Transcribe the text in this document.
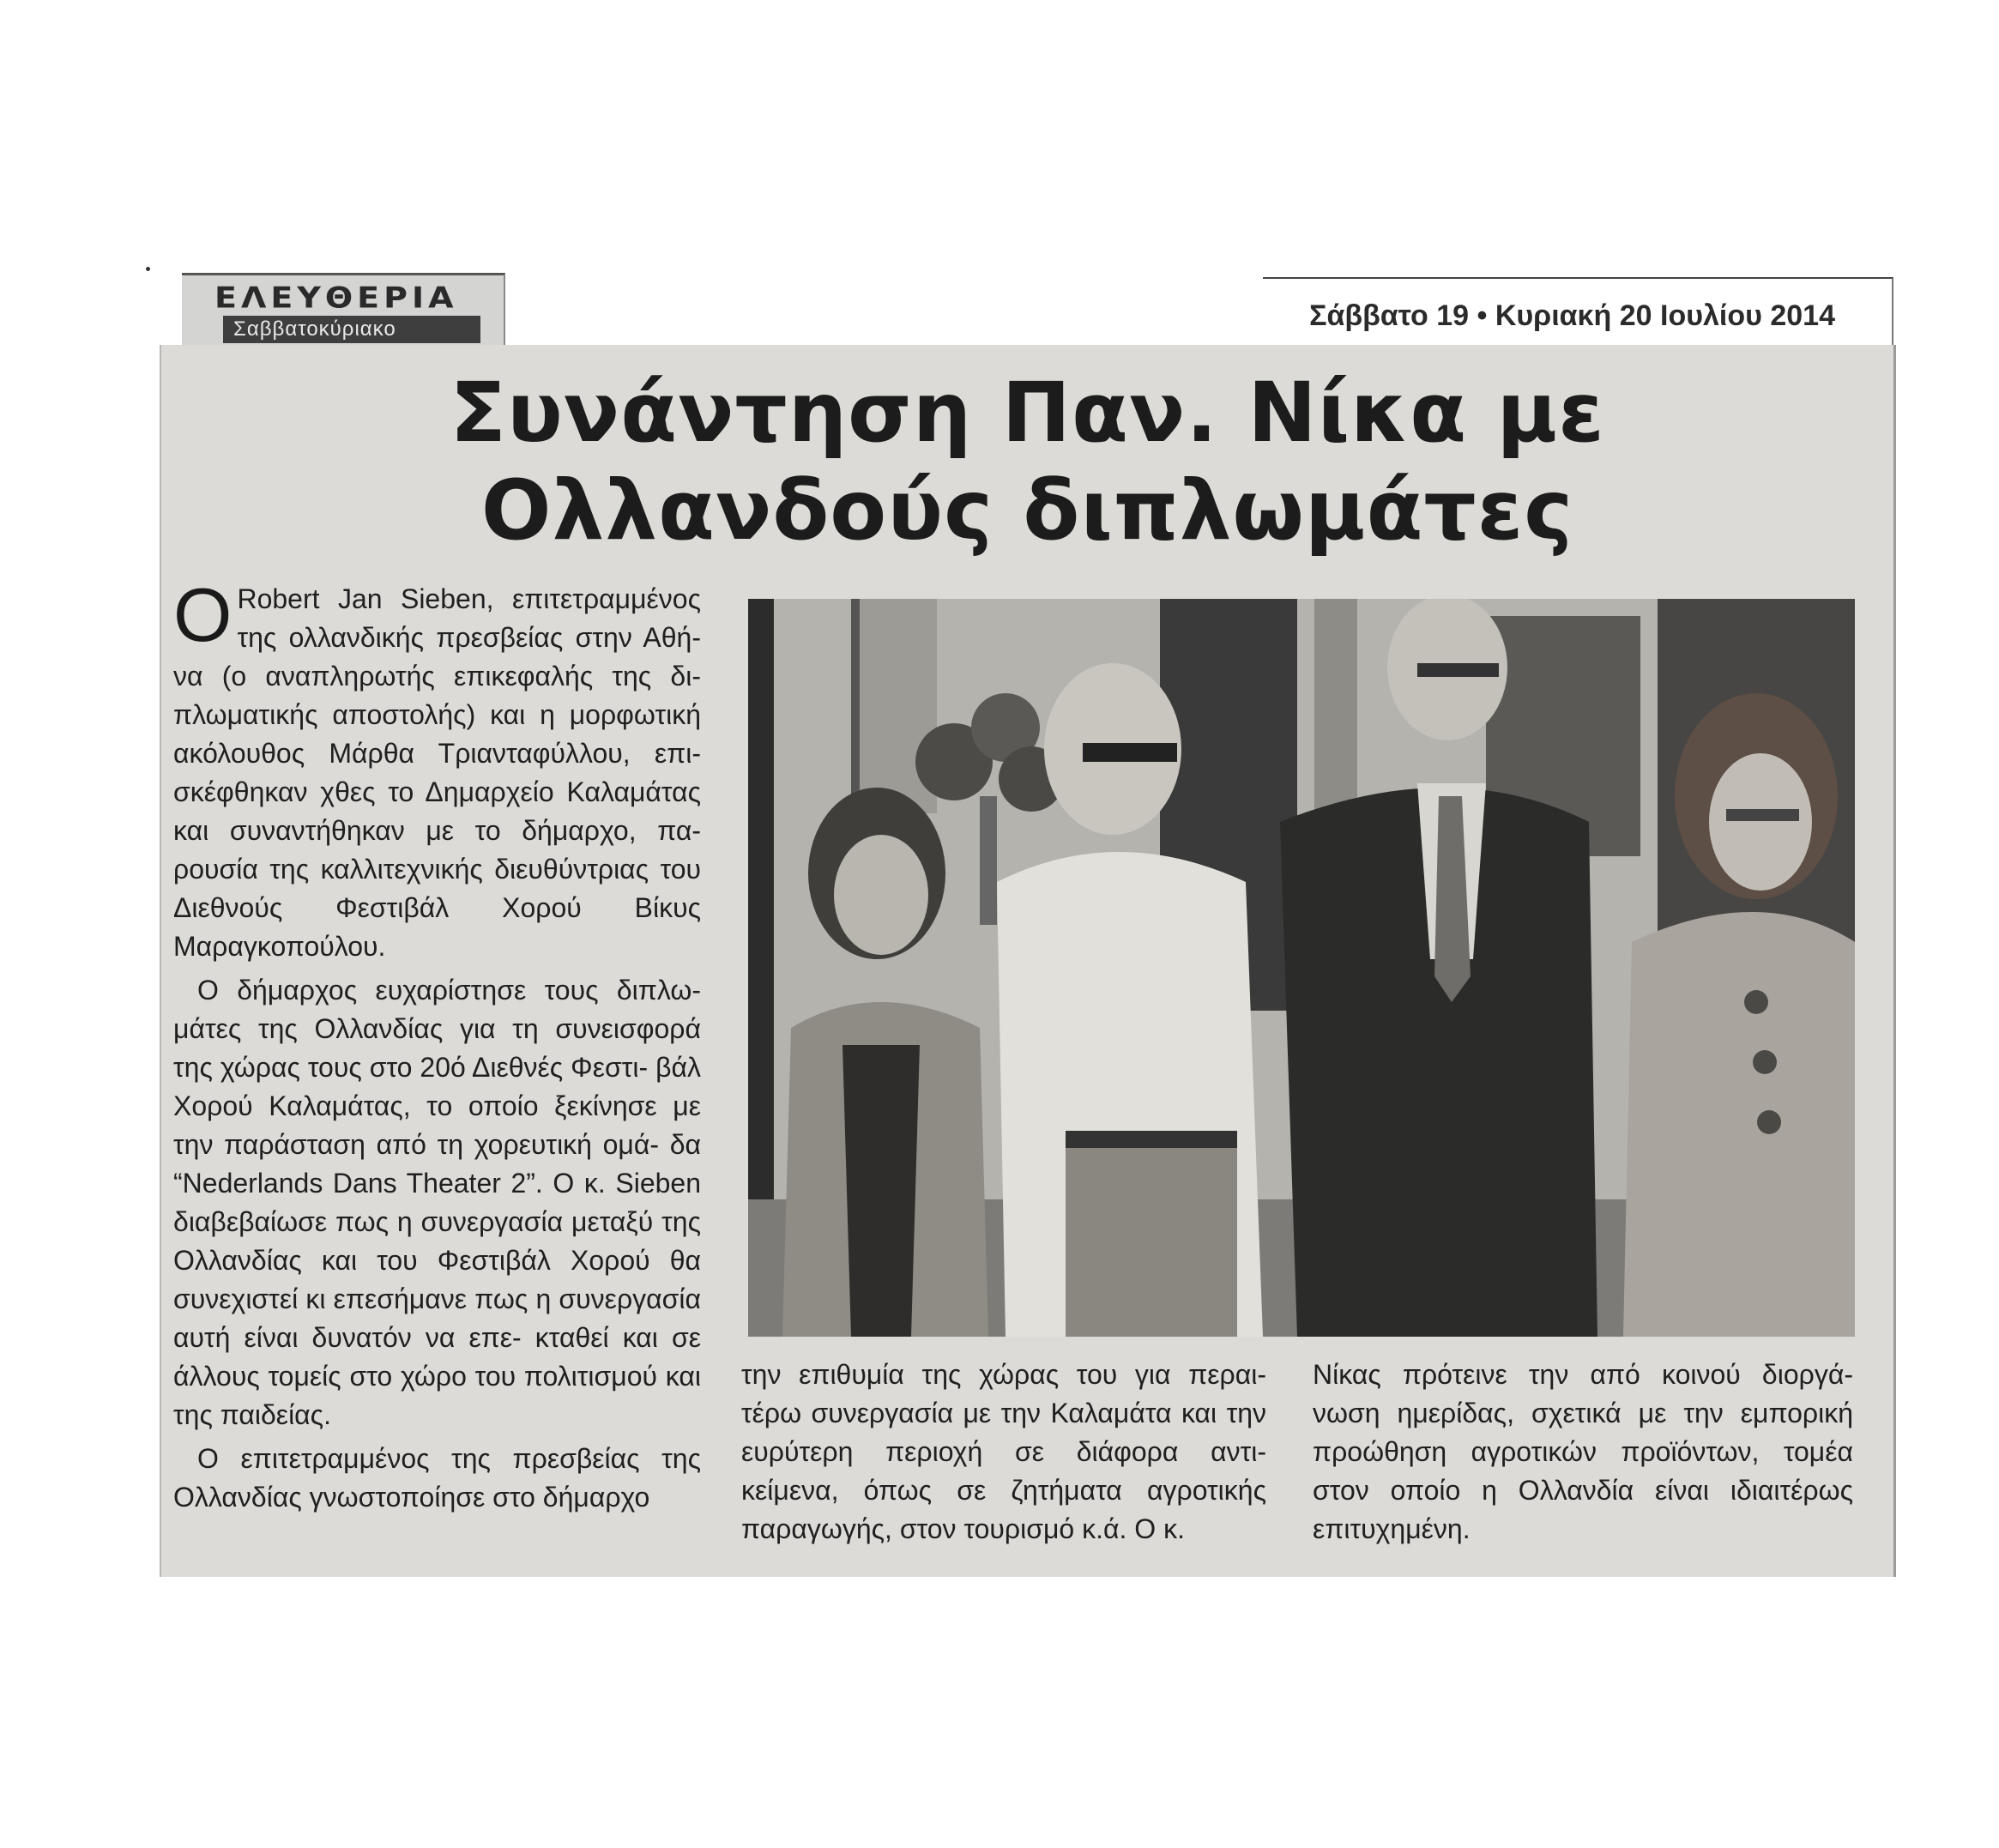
ΕΛΕΥΘΕΡΙΑ
Σαββατοκύριακο	Σάββατο 19 • Κυριακή 20 Ιουλίου 2014
Συνάντηση Παν. Νίκα με
Ολλανδούς διπλωμάτες

Ο Robert Jan Sieben, επιτετραμμένος της ολλανδικής πρεσβείας στην Αθή- να (ο αναπληρωτής επικεφαλής της δι- πλωματικής αποστολής) και η μορφωτική ακόλουθος Μάρθα Τριανταφύλλου, επι- σκέφθηκαν χθες το Δημαρχείο Καλαμάτας και συναντήθηκαν με το δήμαρχο, πα- ρουσία της καλλιτεχνικής διευθύντριας του Διεθνούς Φεστιβάλ Χορού Βίκυς Μαραγκοπούλου.

Ο δήμαρχος ευχαρίστησε τους διπλω- μάτες της Ολλανδίας για τη συνεισφορά της χώρας τους στο 20ό Διεθνές Φεστι- βάλ Χορού Καλαμάτας, το οποίο ξεκίνησε με την παράσταση από τη χορευτική ομά- δα “Nederlands Dans Theater 2”. Ο κ. Sieben διαβεβαίωσε πως η συνεργασία μεταξύ της Ολλανδίας και του Φεστιβάλ Χορού θα συνεχιστεί κι επεσήμανε πως η συνεργασία αυτή είναι δυνατόν να επε- κταθεί και σε άλλους τομείς στο χώρο του πολιτισμού και της παιδείας.

Ο επιτετραμμένος της πρεσβείας της Ολλανδίας γνωστοποίησε στο δήμαρχο

την επιθυμία της χώρας του για περαι- τέρω συνεργασία με την Καλαμάτα και την ευρύτερη περιοχή σε διάφορα αντι- κείμενα, όπως σε ζητήματα αγροτικής παραγωγής, στον τουρισμό κ.ά. Ο κ.

Νίκας πρότεινε την από κοινού διοργά- νωση ημερίδας, σχετικά με την εμπορική προώθηση αγροτικών προϊόντων, τομέα στον οποίο η Ολλανδία είναι ιδιαιτέρως επιτυχημένη.
